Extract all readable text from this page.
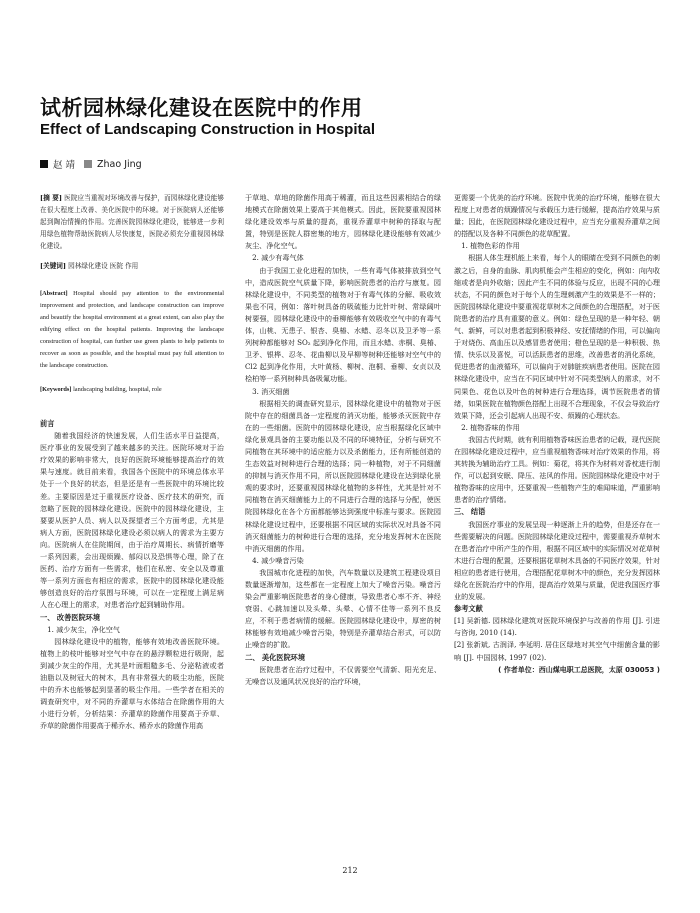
试析园林绿化建设在医院中的作用
Effect of Landscaping Construction in Hospital
赵 靖 Zhao Jing

[摘 要] 医院应当重视对环境改善与保护，而园林绿化建设能够在很大程度上改善、美化医院中的环境。对于医院病人还能够起到陶冶情操的作用。完善医院园林绿化建设，能够进一步利用绿色植物帮助医院病人尽快康复，医院必须充分重视园林绿化建设。

[关键词] 园林绿化建设 医院 作用

[Abstract] Hospital should pay attention to the environmental improvement and protection, and landscape construction can improve and beautify the hospital environment at a great extent, can also play the edifying effect on the hospital patients. Improving the landscape construction of hospital, can further use green plants to help patients to recover as soon as possible, and the hospital must pay full attention to the landscape construction.

[Keywords] landscaping building, hospital, role

前言

随着我国经济的快速发展，人们生活水平日益提高，医疗事业的发展受到了越来越多的关注。医院环境对于治疗效果的影响非常大，良好的医院环境能够提高治疗的效果与速度。就目前来看，我国各个医院中的环境总体水平处于一个良好的状态，但是还是有一些医院中的环境比较差。主要原因是过于重视医疗设备、医疗技术的研究，而忽略了医院的园林绿化建设。医院中的园林绿化建设，主要要从医护人员、病人以及探望者三个方面考虑，尤其是病人方面，医院园林绿化建设必须以病人的需求为主要方向。医院病人在住院期间，由于治疗周期长、病情折磨等一系列因素，会出现烦躁、郁闷以及恐惧等心理，除了在医药、治疗方面有一些需求，他们在私密、安全以及尊重等一系列方面也有相应的需求，医院中的园林绿化建设能够创造良好的治疗氛围与环境，可以在一定程度上满足病人在心理上的需求，对患者治疗起到辅助作用。

一、 改善医院环境

1. 减少灰尘，净化空气

园林绿化建设中的植物，能够有效地改善医院环境。植物上的枝叶能够对空气中存在的悬浮颗粒进行吸附，起到减少灰尘的作用，尤其是叶面粗糙多毛、分泌粘液或者油脂以及树冠大的树木，具有非常强大的吸尘功能，医院中的乔木也能够起到显著的吸尘作用。一些学者在相关的调查研究中，对不同的乔灌草与水体结合在除菌作用的大小进行分析，分析结果：乔灌草的除菌作用要高于乔草、乔草的除菌作用要高于稀乔水、稀乔水的除菌作用高

于草地、草地的除菌作用高于稀灌，而且这些因素相结合的绿地模式在除菌效果上要高于其他模式。因此，医院要重视园林绿化建设效率与质量的提高，重视乔灌草中树种的择取与配置，特别是医院人群密集的地方，园林绿化建设能够有效减少灰尘、净化空气。

2. 减少有毒气体

由于我国工业化进程的加快，一些有毒气体被排放到空气中，造成医院空气质量下降，影响医院患者的治疗与康复。园林绿化建设中，不同类型的植物对于有毒气体的分解、吸收效果也不同，例如：落叶树具备的吸硫能力比针叶树、常绿阔叶树要强，园林绿化建设中的垂柳能够有效吸收空气中的有毒气体，山桃、无患子、银杏、臭椿、水蜡、忍冬以及卫矛等一系列树种都能够对 SO₂ 起到净化作用，而且水蜡、赤桐、臭椿、卫矛、银桦、忍冬、花曲柳以及早柳等树种还能够对空气中的 Cl2 起到净化作用，大叶黄杨、柳树、泡桐、垂柳、女贞以及桧柏等一系列树种具备吸氟功能。

3. 消灭细菌

根据相关的调查研究显示，园林绿化建设中的植物对于医院中存在的细菌具备一定程度的消灭功能，能够杀灭医院中存在的一些细菌。医院中的园林绿化建设，应当根据绿化区域中绿化景观具备的主要功能以及不同的环境特征，分析与研究不同植物在其环境中的适应能力以及杀菌能力，还有所能创造的生态效益对树种进行合理的选择；同一种植物，对于不同细菌的抑制与消灭作用不同，所以医院园林绿化建设在达到绿化景观的要求时，还要重视园林绿化植物的多样性，尤其是针对不同植物在消灭细菌能力上的不同进行合理的选择与分配，使医院园林绿化在各个方面都能够达到强度中标准与要求。医院园林绿化建设过程中，还要根据不同区域的实际状况对具备不同消灭细菌能力的树种进行合理的选择，充分地发挥树木在医院中消灭细菌的作用。

4. 减少噪音污染

我国城市化进程的加快，汽车数量以及建筑工程建设项目数量逐渐增加，这些都在一定程度上加大了噪音污染。噪音污染会严重影响医院患者的身心健康，导致患者心率不齐、神经衰弱、心跳加速以及头晕、头晕、心情不佳等一系列不良反应，不利于患者病情的缓解。医院园林绿化建设中，厚密的树林能够有效地减少噪音污染，特别是乔灌草结合形式，可以防止噪音的扩散。

二、 美化医院环境

医院患者在治疗过程中，不仅需要空气清新、阳光充足、无噪音以及通风状况良好的治疗环境，

更需要一个优美的治疗环境。医院中优美的治疗环境，能够在很大程度上对患者的烦躁情况与承载压力进行缓解，提高治疗效果与质量；因此，在医院园林绿化建设过程中，应当充分重视乔灌草之间的搭配以及各种不同颜色的花草配置。

1. 植物色彩的作用

根据人体生理机能上来看，每个人的眼睛在受到不同颜色的刺激之后，自身的血脉、肌肉机能会产生相应的变化，例如：向内收缩或者是向外收缩；因此产生不同的体验与反应，出现不同的心理状态，不同的颜色对于每个人的生理刺激产生的效果是不一样的；医院园林绿化建设中要重视花草树木之间颜色的合理搭配，对于医院患者的治疗具有重要的意义。例如：绿色呈现的是一种年轻、朝气、新鲜，可以对患者起到积极神经、安抚情绪的作用，可以偏向于对烧伤、高血压以及感冒患者使用；橙色呈现的是一种积极、热情、快乐以及喜悦，可以活跃患者的思维，改善患者的消化系统，促进患者的血液循环，可以偏向于对肺脏疾病患者使用。医院在园林绿化建设中，应当在不同区域中针对不同类型病人的需求，对不同果色、花色以及叶色的树种进行合理选择，调节医院患者的情绪，如果医院在植物颜色搭配上出现不合理现象，不仅会导致治疗效果下降，还会引起病人出现不安、烦躁的心理状态。

2. 植物香味的作用

我国古代时期，就有利用植物香味医治患者的记载，现代医院在园林绿化建设过程中，应当重视植物香味对治疗效果的作用，将其转换为辅助治疗工具。例如：菊花，将其作为材料对香枕进行制作，可以起到安眠、降压、祛风的作用。医院园林绿化建设中对于植物香味的应用中，还要重视一些植物产生的难闻味道，严重影响患者的治疗情绪。

三、 结语

我国医疗事业的发展呈现一种逐渐上升的趋势，但是还存在一些需要解决的问题。医院园林绿化建设过程中，需要重视乔草树木在患者治疗中所产生的作用，根据不同区域中的实际情况对花草树木进行合理的配置，还要根据花草树木具备的不同医疗效果，针对相应的患者进行使用，合理搭配花草树木中的颜色，充分发挥园林绿化在医院治疗中的作用，提高治疗效果与质量，促进我国医疗事业的发展。

参考文献

[1] 吴新德. 园林绿化建筑对医院环境保护与改善的作用 [J]. 引进与咨询, 2010 (14).

[2] 张新斌, 古润泽, 李延明. 居住区绿地对其空气中细菌含量的影响 [J]. 中国园林, 1997 (02).

( 作者单位：西山煤电职工总医院，太原 030053 )

212
